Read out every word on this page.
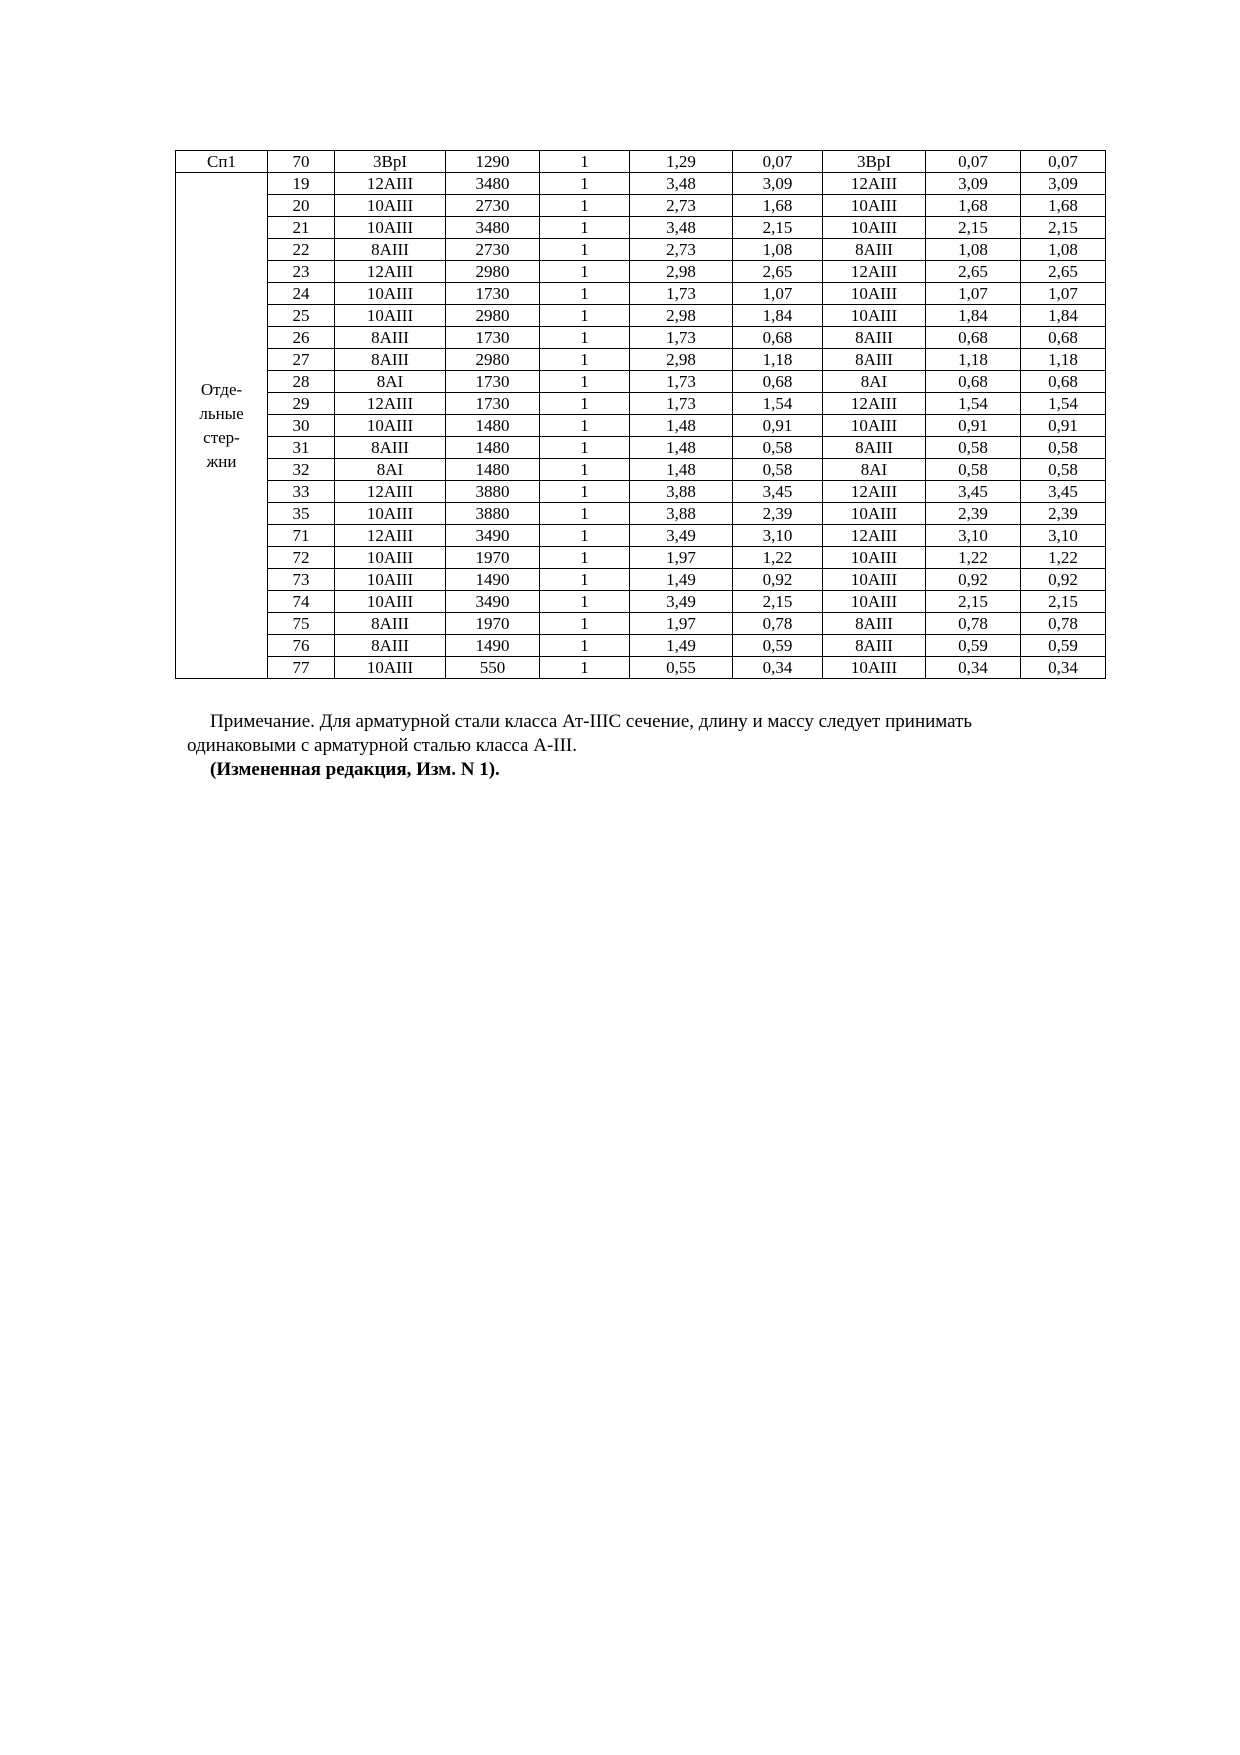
Сп1	70	3BpI	1290	1	1,29	0,07	3BpI	0,07	0,07

Отде-
льные
стер-
жни	19	12AIII	3480	1	3,48	3,09	12AIII	3,09	3,09
	20	10AIII	2730	1	2,73	1,68	10AIII	1,68	1,68
	21	10AIII	3480	1	3,48	2,15	10AIII	2,15	2,15
	22	8AIII	2730	1	2,73	1,08	8AIII	1,08	1,08
	23	12AIII	2980	1	2,98	2,65	12AIII	2,65	2,65
	24	10AIII	1730	1	1,73	1,07	10AIII	1,07	1,07
	25	10AIII	2980	1	2,98	1,84	10AIII	1,84	1,84
	26	8AIII	1730	1	1,73	0,68	8AIII	0,68	0,68
	27	8AIII	2980	1	2,98	1,18	8AIII	1,18	1,18
	28	8AI	1730	1	1,73	0,68	8AI	0,68	0,68
	29	12AIII	1730	1	1,73	1,54	12AIII	1,54	1,54
	30	10AIII	1480	1	1,48	0,91	10AIII	0,91	0,91
	31	8AIII	1480	1	1,48	0,58	8AIII	0,58	0,58
	32	8AI	1480	1	1,48	0,58	8AI	0,58	0,58
	33	12AIII	3880	1	3,88	3,45	12AIII	3,45	3,45
	35	10AIII	3880	1	3,88	2,39	10AIII	2,39	2,39
	71	12AIII	3490	1	3,49	3,10	12AIII	3,10	3,10
	72	10AIII	1970	1	1,97	1,22	10AIII	1,22	1,22
	73	10AIII	1490	1	1,49	0,92	10AIII	0,92	0,92
	74	10AIII	3490	1	3,49	2,15	10AIII	2,15	2,15
	75	8AIII	1970	1	1,97	0,78	8AIII	0,78	0,78
	76	8AIII	1490	1	1,49	0,59	8AIII	0,59	0,59
	77	10AIII	550	1	0,55	0,34	10AIII	0,34	0,34

Примечание. Для арматурной стали класса Ат-IIIС сечение, длину и массу следует принимать одинаковыми с арматурной сталью класса А-III.

(Измененная редакция, Изм. N 1).
